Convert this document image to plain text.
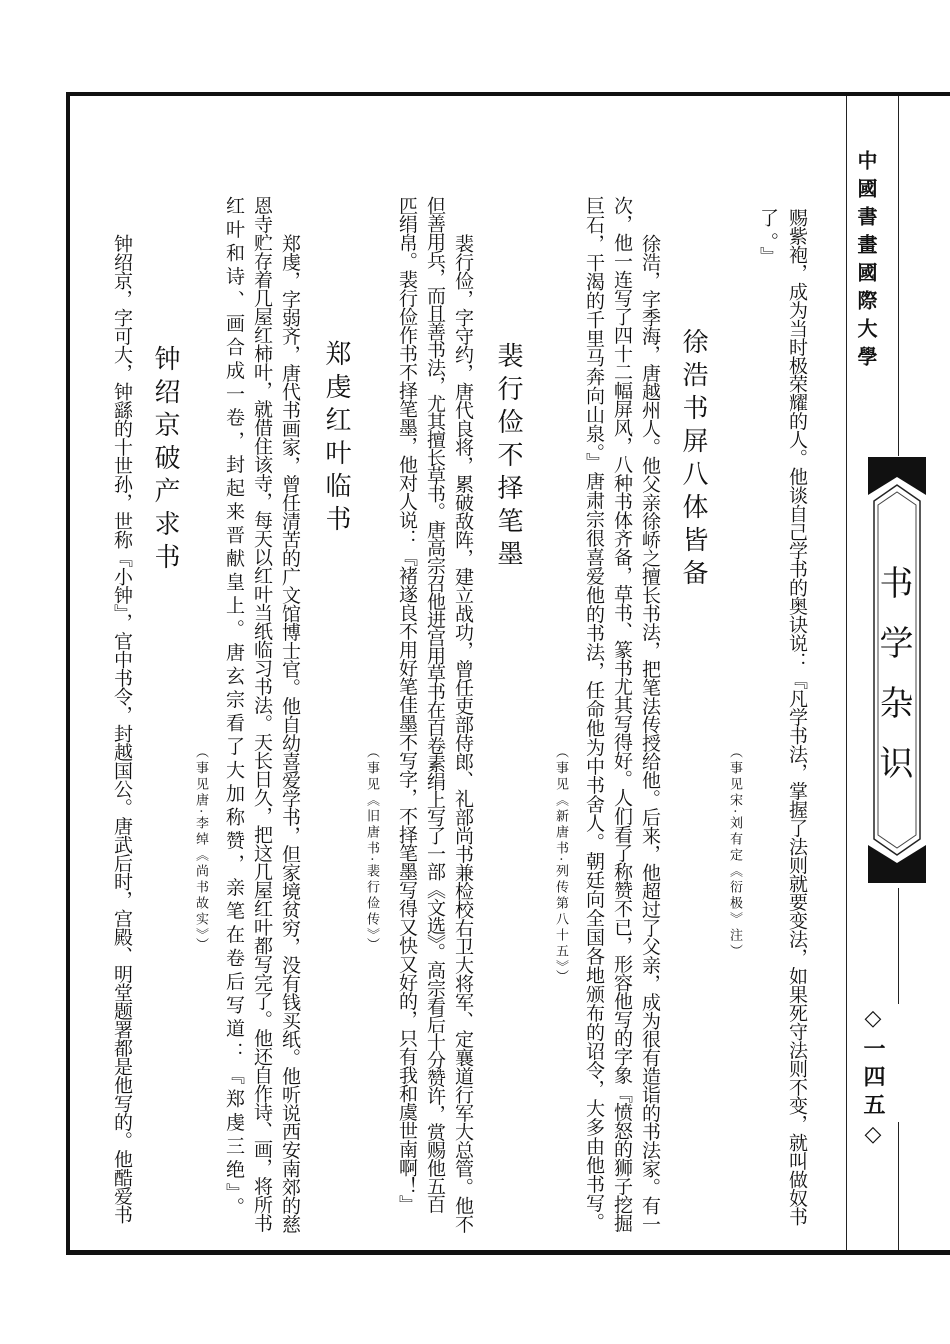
中國書畫國際大學
书学杂识
◇一四五◇
赐紫袍，成为当时极荣耀的人。他谈自己学书的奥诀说：『凡学书法，掌握了法则就要变法，如果死守法则不变，就叫做奴书
了。』
（事见宋·刘有定《衍极》注）
徐浩书屏八体皆备
徐浩，字季海，唐越州人。他父亲徐峤之擅长书法，把笔法传授给他。后来，他超过了父亲，成为很有造诣的书法家。有一
次，他一连写了四十二幅屏风，八种书体齐备，草书、篆书尤其写得好。人们看了称赞不已，形容他写的字象『愤怒的狮子挖掘
巨石，干渴的千里马奔向山泉。』唐肃宗很喜爱他的书法，任命他为中书舍人。朝廷向全国各地颁布的诏令，大多由他书写。
（事见《新唐书·列传第八十五》）
裴行俭不择笔墨
裴行俭，字守约，唐代良将，累破敌阵，建立战功，曾任吏部侍郎、礼部尚书兼检校右卫大将军、定襄道行军大总管。他不
但善用兵，而且善书法，尤其擅长草书。唐高宗召他进宫用草书在百卷素绢上写了一部《文选》。高宗看后十分赞许，赏赐他五百
匹绢帛。裴行俭作书不择笔墨，他对人说：『褚遂良不用好笔佳墨不写字，不择笔墨写得又快又好的，只有我和虞世南啊！』
（事见《旧唐书·裴行俭传》）
郑虔红叶临书
郑虔，字弱齐，唐代书画家，曾任清苦的广文馆博士官。他自幼喜爱学书，但家境贫穷，没有钱买纸。他听说西安南郊的慈
恩寺贮存着几屋红柿叶，就借住该寺，每天以红叶当纸临习书法。天长日久，把这几屋红叶都写完了。他还自作诗、画，将所书
红叶和诗、画合成一卷，封起来晋献皇上。唐玄宗看了大加称赞，亲笔在卷后写道：『郑虔三绝』。
（事见唐·李绰《尚书故实》）
钟绍京破产求书
钟绍京，字可大，钟繇的十世孙，世称『小钟』，官中书令，封越国公。唐武后时，宫殿、明堂题署都是他写的。他酷爱书
